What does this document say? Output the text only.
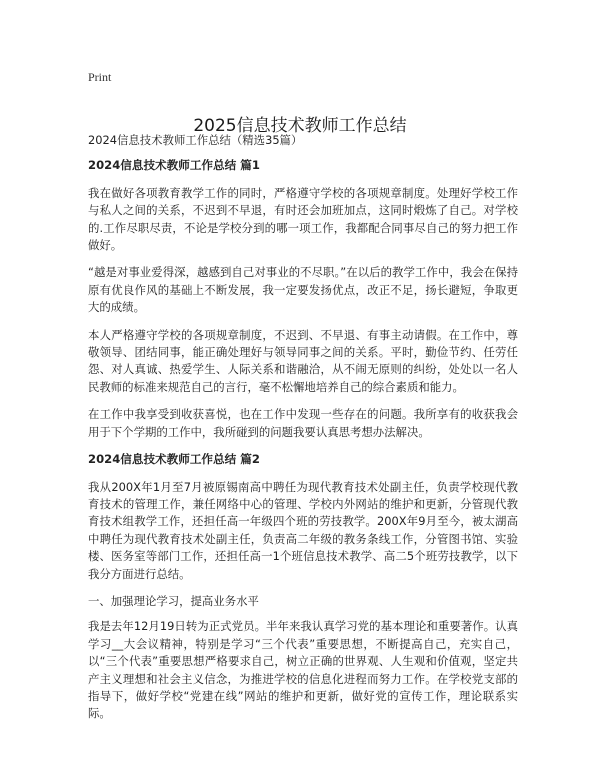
Print
2025信息技术教师工作总结

2024信息技术教师工作总结（精选35篇）

2024信息技术教师工作总结 篇1

我在做好各项教育教学工作的同时，严格遵守学校的各项规章制度。处理好学校工作与私人之间的关系，不迟到不早退，有时还会加班加点，这同时煅炼了自己。对学校的.工作尽职尽责，不论是学校分到的哪一项工作，我都配合同事尽自己的努力把工作做好。

“越是对事业爱得深，越感到自己对事业的不尽职。”在以后的教学工作中，我会在保持原有优良作风的基础上不断发展，我一定要发扬优点，改正不足，扬长避短，争取更大的成绩。

本人严格遵守学校的各项规章制度，不迟到、不早退、有事主动请假。在工作中，尊敬领导、团结同事，能正确处理好与领导同事之间的关系。平时，勤俭节约、任劳任怨、对人真诚、热爱学生、人际关系和谐融洽，从不闹无原则的纠纷，处处以一名人民教师的标准来规范自己的言行，毫不松懈地培养自己的综合素质和能力。

在工作中我享受到收获喜悦，也在工作中发现一些存在的问题。我所享有的收获我会用于下个学期的工作中，我所碰到的问题我要认真思考想办法解决。

2024信息技术教师工作总结 篇2

我从200X年1月至7月被原锡南高中聘任为现代教育技术处副主任，负责学校现代教育技术的管理工作，兼任网络中心的管理、学校内外网站的维护和更新，分管现代教育技术组教学工作，还担任高一年级四个班的劳技教学。200X年9月至今，被太湖高中聘任为现代教育技术处副主任，负责高二年级的教务条线工作，分管图书馆、实验楼、医务室等部门工作，还担任高一1个班信息技术教学、高二5个班劳技教学，以下我分方面进行总结。

一、加强理论学习，提高业务水平

我是去年12月19日转为正式党员。半年来我认真学习党的基本理论和重要著作。认真学习__大会议精神，特别是学习“三个代表”重要思想，不断提高自己，充实自己，以“三个代表”重要思想严格要求自己，树立正确的世界观、人生观和价值观，坚定共产主义理想和社会主义信念，为推进学校的信息化进程而努力工作。在学校党支部的指导下，做好学校“党建在线”网站的维护和更新，做好党的宣传工作，理论联系实际。
